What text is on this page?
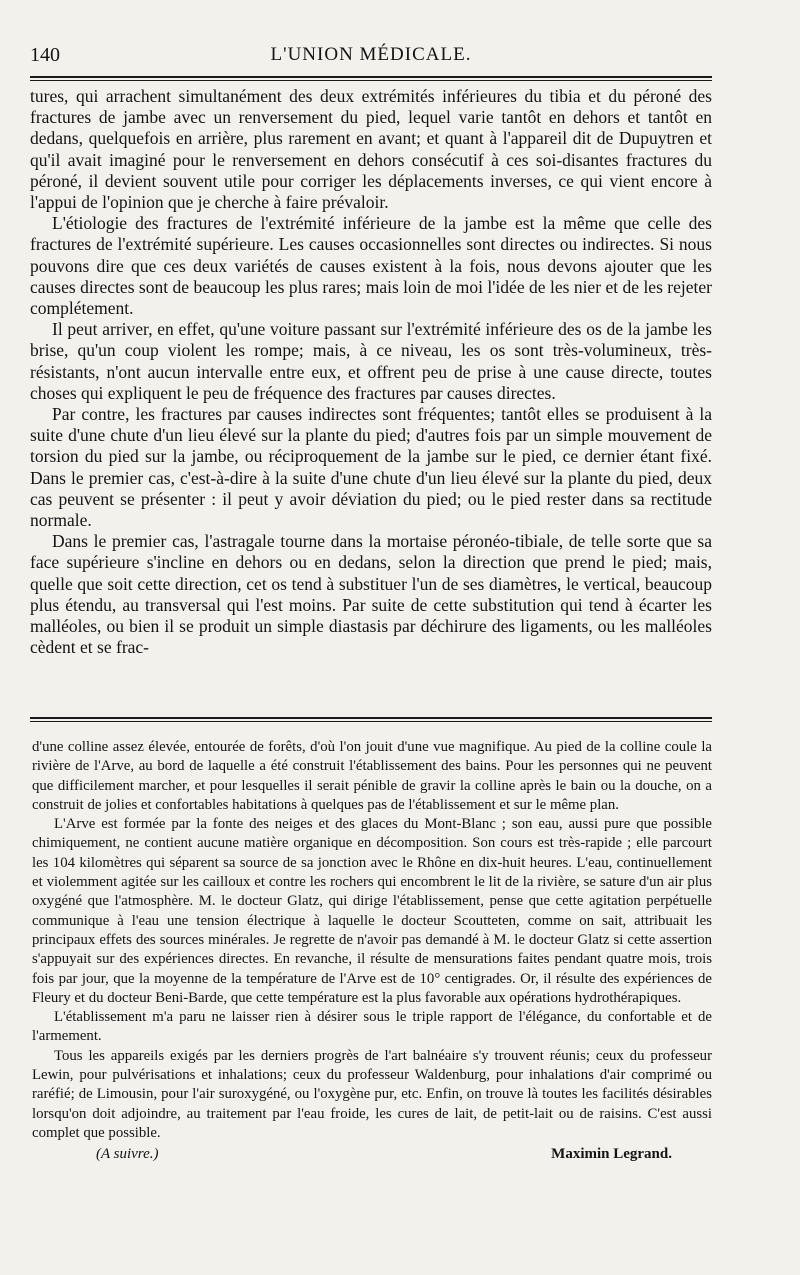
140	L'UNION MÉDICALE.

tures, qui arrachent simultanément des deux extrémités inférieures du tibia et du péroné des fractures de jambe avec un renversement du pied, lequel varie tantôt en dehors et tantôt en dedans, quelquefois en arrière, plus rarement en avant; et quant à l'appareil dit de Dupuytren et qu'il avait imaginé pour le renversement en dehors consécutif à ces soi-disantes fractures du péroné, il devient souvent utile pour corriger les déplacements inverses, ce qui vient encore à l'appui de l'opinion que je cherche à faire prévaloir.

L'étiologie des fractures de l'extrémité inférieure de la jambe est la même que celle des fractures de l'extrémité supérieure. Les causes occasionnelles sont directes ou indirectes. Si nous pouvons dire que ces deux variétés de causes existent à la fois, nous devons ajouter que les causes directes sont de beaucoup les plus rares; mais loin de moi l'idée de les nier et de les rejeter complétement.

Il peut arriver, en effet, qu'une voiture passant sur l'extrémité inférieure des os de la jambe les brise, qu'un coup violent les rompe; mais, à ce niveau, les os sont très-volumineux, très-résistants, n'ont aucun intervalle entre eux, et offrent peu de prise à une cause directe, toutes choses qui expliquent le peu de fréquence des fractures par causes directes.

Par contre, les fractures par causes indirectes sont fréquentes; tantôt elles se produisent à la suite d'une chute d'un lieu élevé sur la plante du pied; d'autres fois par un simple mouvement de torsion du pied sur la jambe, ou réciproquement de la jambe sur le pied, ce dernier étant fixé. Dans le premier cas, c'est-à-dire à la suite d'une chute d'un lieu élevé sur la plante du pied, deux cas peuvent se présenter : il peut y avoir déviation du pied; ou le pied rester dans sa rectitude normale.

Dans le premier cas, l'astragale tourne dans la mortaise péronéo-tibiale, de telle sorte que sa face supérieure s'incline en dehors ou en dedans, selon la direction que prend le pied; mais, quelle que soit cette direction, cet os tend à substituer l'un de ses diamètres, le vertical, beaucoup plus étendu, au transversal qui l'est moins. Par suite de cette substitution qui tend à écarter les malléoles, ou bien il se produit un simple diastasis par déchirure des ligaments, ou les malléoles cèdent et se frac-

d'une colline assez élevée, entourée de forêts, d'où l'on jouit d'une vue magnifique. Au pied de la colline coule la rivière de l'Arve, au bord de laquelle a été construit l'établissement des bains. Pour les personnes qui ne peuvent que difficilement marcher, et pour lesquelles il serait pénible de gravir la colline après le bain ou la douche, on a construit de jolies et confortables habitations à quelques pas de l'établissement et sur le même plan.

L'Arve est formée par la fonte des neiges et des glaces du Mont-Blanc ; son eau, aussi pure que possible chimiquement, ne contient aucune matière organique en décomposition. Son cours est très-rapide ; elle parcourt les 104 kilomètres qui séparent sa source de sa jonction avec le Rhône en dix-huit heures. L'eau, continuellement et violemment agitée sur les cailloux et contre les rochers qui encombrent le lit de la rivière, se sature d'un air plus oxygéné que l'atmosphère. M. le docteur Glatz, qui dirige l'établissement, pense que cette agitation perpétuelle communique à l'eau une tension électrique à laquelle le docteur Scoutteten, comme on sait, attribuait les principaux effets des sources minérales. Je regrette de n'avoir pas demandé à M. le docteur Glatz si cette assertion s'appuyait sur des expériences directes. En revanche, il résulte de mensurations faites pendant quatre mois, trois fois par jour, que la moyenne de la température de l'Arve est de 10° centigrades. Or, il résulte des expériences de Fleury et du docteur Beni-Barde, que cette température est la plus favorable aux opérations hydrothérapiques.

L'établissement m'a paru ne laisser rien à désirer sous le triple rapport de l'élégance, du confortable et de l'armement.

Tous les appareils exigés par les derniers progrès de l'art balnéaire s'y trouvent réunis; ceux du professeur Lewin, pour pulvérisations et inhalations; ceux du professeur Waldenburg, pour inhalations d'air comprimé ou raréfié; de Limousin, pour l'air suroxygéné, ou l'oxygène pur, etc. Enfin, on trouve là toutes les facilités désirables lorsqu'on doit adjoindre, au traitement par l'eau froide, les cures de lait, de petit-lait ou de raisins. C'est aussi complet que possible.

(A suivre.)	Maximin Legrand.
